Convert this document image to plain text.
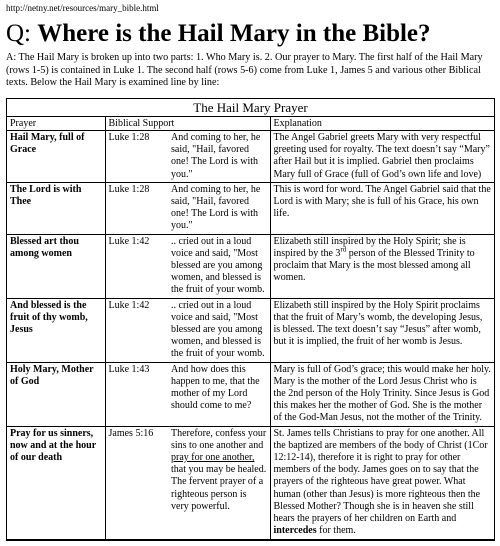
http://netny.net/resources/mary_bible.html
Q: Where is the Hail Mary in the Bible?

A: The Hail Mary is broken up into two parts: 1. Who Mary is. 2. Our prayer to Mary. The first half of the Hail Mary (rows 1-5) is contained in Luke 1. The second half (rows 5-6) come from Luke 1, James 5 and various other Biblical texts. Below the Hail Mary is examined line by line:

The Hail Mary Prayer
Prayer	Biblical Support		Explanation
Hail Mary, full of Grace	Luke 1:28	And coming to her, he said, "Hail, favored one! The Lord is with you."	The Angel Gabriel greets Mary with very respectful greeting used for royalty. The text doesn’t say “Mary” after Hail but it is implied. Gabriel then proclaims Mary full of Grace (full of God’s own life and love)
The Lord is with Thee	Luke 1:28	And coming to her, he said, "Hail, favored one! The Lord is with you."	This is word for word. The Angel Gabriel said that the Lord is with Mary; she is full of his Grace, his own life.
Blessed art thou among women	Luke 1:42	.. cried out in a loud voice and said, "Most blessed are you among women, and blessed is the fruit of your womb.	Elizabeth still inspired by the Holy Spirit; she is inspired by the 3rd person of the Blessed Trinity to proclaim that Mary is the most blessed among all women.
And blessed is the fruit of thy womb, Jesus	Luke 1:42	.. cried out in a loud voice and said, "Most blessed are you among women, and blessed is the fruit of your womb.	Elizabeth still inspired by the Holy Spirit proclaims that the fruit of Mary’s womb, the developing Jesus, is blessed. The text doesn’t say “Jesus” after womb, but it is implied, the fruit of her womb is Jesus.
Holy Mary, Mother of God	Luke 1:43	And how does this happen to me, that the mother of my Lord should come to me?	Mary is full of God’s grace; this would make her holy. Mary is the mother of the Lord Jesus Christ who is the 2nd person of the Holy Trinity. Since Jesus is God this makes her the mother of God. She is the mother of the God-Man Jesus, not the mother of the Trinity.
Pray for us sinners, now and at the hour of our death	James 5:16	Therefore, confess your sins to one another and pray for one another, that you may be healed. The fervent prayer of a righteous person is very powerful.	St. James tells Christians to pray for one another. All the baptized are members of the body of Christ (1Cor 12:12-14), therefore it is right to pray for other members of the body. James goes on to say that the prayers of the righteous have great power. What human (other than Jesus) is more righteous then the Blessed Mother? Though she is in heaven she still hears the prayers of her children on Earth and intercedes for them.
